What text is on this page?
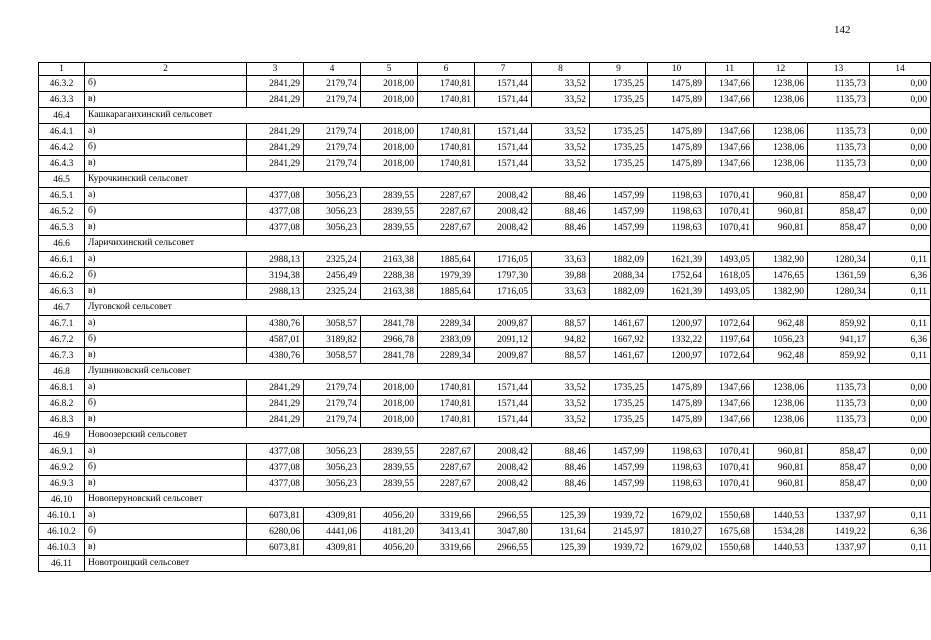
142
1	2	3	4	5	6	7	8	9	10	11	12	13	14
46.3.2	б)	2841,29	2179,74	2018,00	1740,81	1571,44	33,52	1735,25	1475,89	1347,66	1238,06	1135,73	0,00
46.3.3	в)	2841,29	2179,74	2018,00	1740,81	1571,44	33,52	1735,25	1475,89	1347,66	1238,06	1135,73	0,00
46.4	Кашкарагаихинский сельсовет												
46.4.1	а)	2841,29	2179,74	2018,00	1740,81	1571,44	33,52	1735,25	1475,89	1347,66	1238,06	1135,73	0,00
46.4.2	б)	2841,29	2179,74	2018,00	1740,81	1571,44	33,52	1735,25	1475,89	1347,66	1238,06	1135,73	0,00
46.4.3	в)	2841,29	2179,74	2018,00	1740,81	1571,44	33,52	1735,25	1475,89	1347,66	1238,06	1135,73	0,00
46.5	Курочкинский сельсовет												
46.5.1	а)	4377,08	3056,23	2839,55	2287,67	2008,42	88,46	1457,99	1198,63	1070,41	960,81	858,47	0,00
46.5.2	б)	4377,08	3056,23	2839,55	2287,67	2008,42	88,46	1457,99	1198,63	1070,41	960,81	858,47	0,00
46.5.3	в)	4377,08	3056,23	2839,55	2287,67	2008,42	88,46	1457,99	1198,63	1070,41	960,81	858,47	0,00
46.6	Ларичихинский сельсовет												
46.6.1	а)	2988,13	2325,24	2163,38	1885,64	1716,05	33,63	1882,09	1621,39	1493,05	1382,90	1280,34	0,11
46.6.2	б)	3194,38	2456,49	2288,38	1979,39	1797,30	39,88	2088,34	1752,64	1618,05	1476,65	1361,59	6,36
46.6.3	в)	2988,13	2325,24	2163,38	1885,64	1716,05	33,63	1882,09	1621,39	1493,05	1382,90	1280,34	0,11
46.7	Луговской сельсовет												
46.7.1	а)	4380,76	3058,57	2841,78	2289,34	2009,87	88,57	1461,67	1200,97	1072,64	962,48	859,92	0,11
46.7.2	б)	4587,01	3189,82	2966,78	2383,09	2091,12	94,82	1667,92	1332,22	1197,64	1056,23	941,17	6,36
46.7.3	в)	4380,76	3058,57	2841,78	2289,34	2009,87	88,57	1461,67	1200,97	1072,64	962,48	859,92	0,11
46.8	Лушниковский сельсовет												
46.8.1	а)	2841,29	2179,74	2018,00	1740,81	1571,44	33,52	1735,25	1475,89	1347,66	1238,06	1135,73	0,00
46.8.2	б)	2841,29	2179,74	2018,00	1740,81	1571,44	33,52	1735,25	1475,89	1347,66	1238,06	1135,73	0,00
46.8.3	в)	2841,29	2179,74	2018,00	1740,81	1571,44	33,52	1735,25	1475,89	1347,66	1238,06	1135,73	0,00
46.9	Новоозерский сельсовет												
46.9.1	а)	4377,08	3056,23	2839,55	2287,67	2008,42	88,46	1457,99	1198,63	1070,41	960,81	858,47	0,00
46.9.2	б)	4377,08	3056,23	2839,55	2287,67	2008,42	88,46	1457,99	1198,63	1070,41	960,81	858,47	0,00
46.9.3	в)	4377,08	3056,23	2839,55	2287,67	2008,42	88,46	1457,99	1198,63	1070,41	960,81	858,47	0,00
46.10	Новоперуновский сельсовет												
46.10.1	а)	6073,81	4309,81	4056,20	3319,66	2966,55	125,39	1939,72	1679,02	1550,68	1440,53	1337,97	0,11
46.10.2	б)	6280,06	4441,06	4181,20	3413,41	3047,80	131,64	2145,97	1810,27	1675,68	1534,28	1419,22	6,36
46.10.3	в)	6073,81	4309,81	4056,20	3319,66	2966,55	125,39	1939,72	1679,02	1550,68	1440,53	1337,97	0,11
46.11	Новотроицкий сельсовет												
